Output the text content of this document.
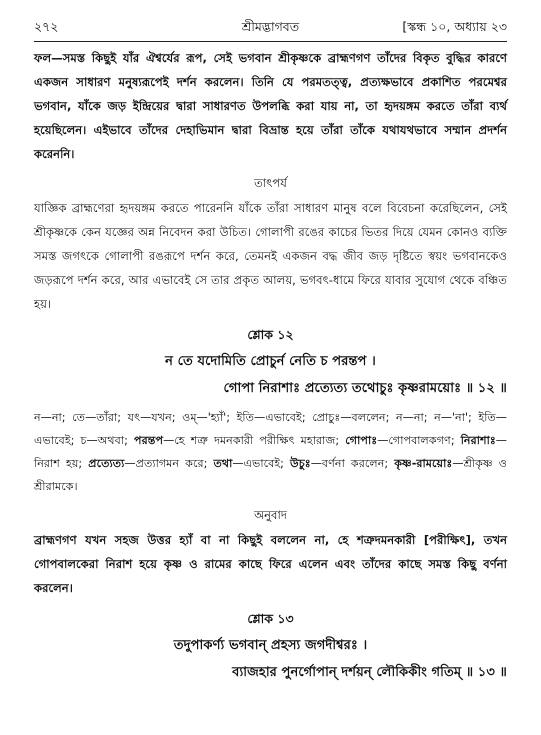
২৭২	শ্রীমদ্ভাগবত	[স্কন্ধ ১০, অধ্যায় ২৩

ফল—সমস্ত কিছুই যাঁর ঐশ্বর্যের রূপ, সেই ভগবান শ্রীকৃষ্ণকে ব্রাহ্মণগণ তাঁদের বিকৃত বুদ্ধির কারণে একজন সাধারণ মনুষ্যরূপেই দর্শন করলেন। তিনি যে পরমতত্ত্ব, প্রত্যক্ষভাবে প্রকাশিত পরমেশ্বর ভগবান, যাঁকে জড় ইন্দ্রিয়ের দ্বারা সাধারণত উপলব্ধি করা যায় না, তা হৃদয়ঙ্গম করতে তাঁরা ব্যর্থ হয়েছিলেন। এইভাবে তাঁদের দেহাভিমান দ্বারা বিভ্রান্ত হয়ে তাঁরা তাঁকে যথাযথভাবে সম্মান প্রদর্শন করেননি।

তাৎপর্য

যাজ্ঞিক ব্রাহ্মণেরা হৃদয়ঙ্গম করতে পারেননি যাঁকে তাঁরা সাধারণ মানুষ বলে বিবেচনা করেছিলেন, সেই শ্রীকৃষ্ণকে কেন যজ্ঞের অন্ন নিবেদন করা উচিত। গোলাপী রঙের কাচের ভিতর দিয়ে যেমন কোনও ব্যক্তি সমস্ত জগৎকে গোলাপী রঙরূপে দর্শন করে, তেমনই একজন বদ্ধ জীব জড় দৃষ্টিতে স্বয়ং ভগবানকেও জড়রূপে দর্শন করে, আর এভাবেই সে তার প্রকৃত আলয়, ভগবৎ-ধামে ফিরে যাবার সুযোগ থেকে বঞ্চিত হয়।

শ্লোক ১২
ন তে যদোমিতি প্রোচুর্ন নেতি চ পরন্তপ ।
গোপা নিরাশাঃ প্রত্যেত্য তথোচুঃ কৃষ্ণরাময়োঃ ॥ ১২ ॥

ন—না; তে—তাঁরা; যৎ—যখন; ওম্—'হ্যাঁ'; ইতি—এভাবেই; প্রোচুঃ—বললেন; ন—না; ন—'না'; ইতি—এভাবেই; চ—অথবা; পরন্তপ—হে শত্রু দমনকারী পরীক্ষিৎ মহারাজ; গোপাঃ—গোপবালকগণ; নিরাশাঃ—নিরাশ হয়; প্রত্যেত্য—প্রত্যাগমন করে; তথা—এভাবেই; উচুঃ—বর্ণনা করলেন; কৃষ্ণ-রাময়োঃ—শ্রীকৃষ্ণ ও শ্রীরামকে।

অনুবাদ

ব্রাহ্মণগণ যখন সহজ উত্তর হ্যাঁ বা না কিছুই বললেন না, হে শত্রুদমনকারী [পরীক্ষিৎ], তখন গোপবালকেরা নিরাশ হয়ে কৃষ্ণ ও রামের কাছে ফিরে এলেন এবং তাঁদের কাছে সমস্ত কিছু বর্ণনা করলেন।

শ্লোক ১৩
তদুপাকর্ণ্য ভগবান্ প্রহস্য জগদীশ্বরঃ ।
ব্যাজহার পুনর্গোপান্ দর্শয়ন্ লৌকিকীং গতিম্ ॥ ১৩ ॥
